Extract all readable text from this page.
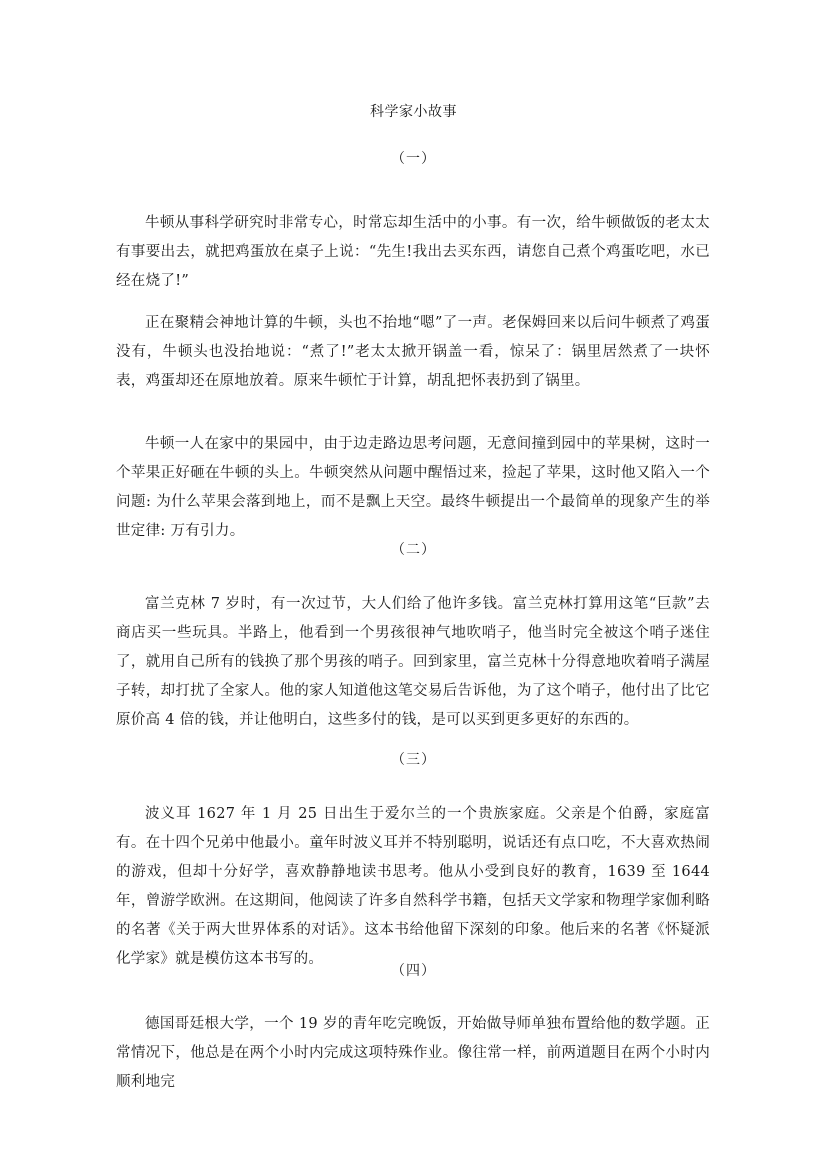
科学家小故事
（一）

牛顿从事科学研究时非常专心，时常忘却生活中的小事。有一次，给牛顿做饭的老太太有事要出去，就把鸡蛋放在桌子上说：“先生!我出去买东西，请您自己煮个鸡蛋吃吧，水已经在烧了!”

正在聚精会神地计算的牛顿，头也不抬地“嗯”了一声。老保姆回来以后问牛顿煮了鸡蛋没有，牛顿头也没抬地说：“煮了!”老太太掀开锅盖一看，惊呆了：锅里居然煮了一块怀表，鸡蛋却还在原地放着。原来牛顿忙于计算，胡乱把怀表扔到了锅里。

牛顿一人在家中的果园中，由于边走路边思考问题，无意间撞到园中的苹果树，这时一个苹果正好砸在牛顿的头上。牛顿突然从问题中醒悟过来，捡起了苹果，这时他又陷入一个问题: 为什么苹果会落到地上，而不是飘上天空。最终牛顿提出一个最简单的现象产生的举世定律: 万有引力。

（二）

富兰克林 7 岁时，有一次过节，大人们给了他许多钱。富兰克林打算用这笔“巨款”去商店买一些玩具。半路上，他看到一个男孩很神气地吹哨子，他当时完全被这个哨子迷住了，就用自己所有的钱换了那个男孩的哨子。回到家里，富兰克林十分得意地吹着哨子满屋子转，却打扰了全家人。他的家人知道他这笔交易后告诉他，为了这个哨子，他付出了比它原价高 4 倍的钱，并让他明白，这些多付的钱，是可以买到更多更好的东西的。

（三）

波义耳 1627 年 1 月 25 日出生于爱尔兰的一个贵族家庭。父亲是个伯爵，家庭富有。在十四个兄弟中他最小。童年时波义耳并不特别聪明，说话还有点口吃，不大喜欢热闹的游戏，但却十分好学，喜欢静静地读书思考。他从小受到良好的教育，1639 至 1644 年，曾游学欧洲。在这期间，他阅读了许多自然科学书籍，包括天文学家和物理学家伽利略的名著《关于两大世界体系的对话》。这本书给他留下深刻的印象。他后来的名著《怀疑派化学家》就是模仿这本书写的。

（四）

德国哥廷根大学，一个 19 岁的青年吃完晚饭，开始做导师单独布置给他的数学题。正常情况下，他总是在两个小时内完成这项特殊作业。像往常一样，前两道题目在两个小时内顺利地完
